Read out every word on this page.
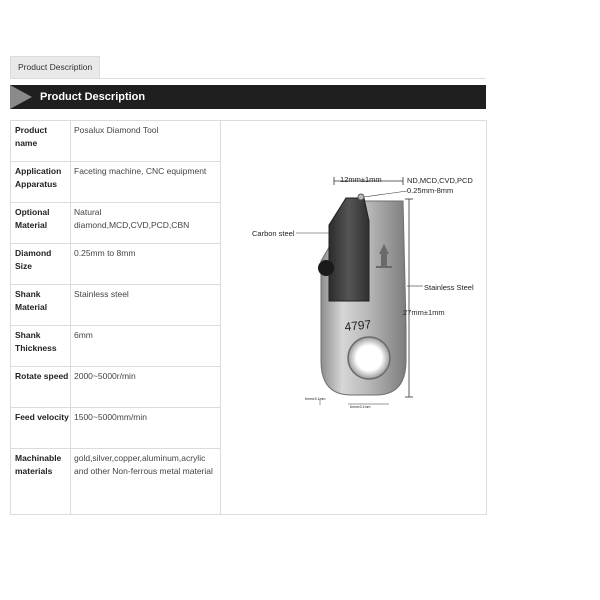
Product Description
Product Description
Product name
Posalux Diamond Tool
Application Apparatus
Faceting machine, CNC equipment
Optional Material
Natural diamond,MCD,CVD,PCD,CBN
Diamond Size
0.25mm to 8mm
Shank Material
Stainless steel
Shank Thickness
6mm
Rotate speed 2000~5000r/min
Feed velocity 1500~5000mm/min
Machinable materials
gold,silver,copper,aluminum,acrylic and other Non-ferrous metal material
4797
12mm±1mm	ND,MCD,CVD,PCD
0.25mm-8mm
Carbon steel
Stainless Steel
27mm±1mm
6mm±0.1mm
6mm±0.1mm
